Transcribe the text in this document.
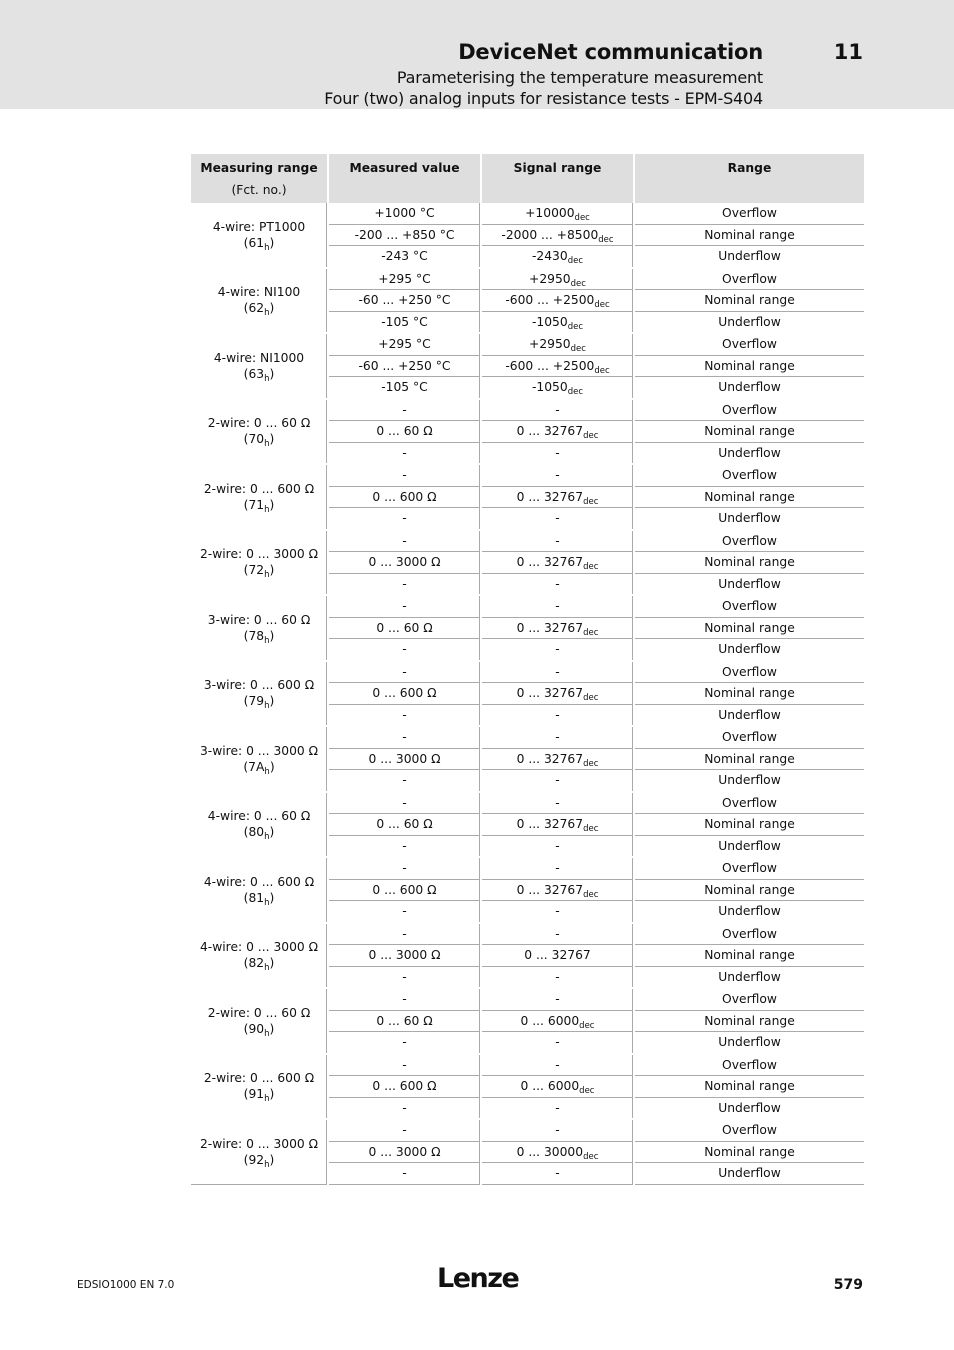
DeviceNet communication	11
Parameterising the temperature measurement
Four (two) analog inputs for resistance tests - EPM-S404
Measuring range
(Fct. no.)	Measured value	Signal range	Range

4-wire: PT1000
$(61_h)$	+1000 °C	$+10000_{dec}$	Overflow
	-200 ... +850 °C	-2000 ... $+8500_{dec}$	Nominal range
	-243 °C	$-2430_{dec}$	Underflow

4-wire: NI100
$(62_h)$	+295 °C	$+2950_{dec}$	Overflow
	-60 ... +250 °C	-600 ... $+2500_{dec}$	Nominal range
	-105 °C	$-1050_{dec}$	Underflow

4-wire: NI1000
$(63_h)$	+295 °C	$+2950_{dec}$	Overflow
	-60 ... +250 °C	-600 ... $+2500_{dec}$	Nominal range
	-105 °C	$-1050_{dec}$	Underflow

2-wire: 0 ... 60 Ω
$(70_h)$	-	-	Overflow
	0 ... 60 Ω	0 ... $32767_{dec}$	Nominal range
	-	-	Underflow

2-wire: 0 ... 600 Ω
$(71_h)$	-	-	Overflow
	0 ... 600 Ω	0 ... $32767_{dec}$	Nominal range
	-	-	Underflow

2-wire: 0 ... 3000 Ω
$(72_h)$	-	-	Overflow
	0 ... 3000 Ω	0 ... $32767_{dec}$	Nominal range
	-	-	Underflow

3-wire: 0 ... 60 Ω
$(78_h)$	-	-	Overflow
	0 ... 60 Ω	0 ... $32767_{dec}$	Nominal range
	-	-	Underflow

3-wire: 0 ... 600 Ω
$(79_h)$	-	-	Overflow
	0 ... 600 Ω	0 ... $32767_{dec}$	Nominal range
	-	-	Underflow

3-wire: 0 ... 3000 Ω
$(7A_h)$	-	-	Overflow
	0 ... 3000 Ω	0 ... $32767_{dec}$	Nominal range
	-	-	Underflow

4-wire: 0 ... 60 Ω
$(80_h)$	-	-	Overflow
	0 ... 60 Ω	0 ... $32767_{dec}$	Nominal range
	-	-	Underflow

4-wire: 0 ... 600 Ω
$(81_h)$	-	-	Overflow
	0 ... 600 Ω	0 ... $32767_{dec}$	Nominal range
	-	-	Underflow

4-wire: 0 ... 3000 Ω
$(82_h)$	-	-	Overflow
	0 ... 3000 Ω	0 ... 32767	Nominal range
	-	-	Underflow

2-wire: 0 ... 60 Ω
$(90_h)$	-	-	Overflow
	0 ... 60 Ω	0 ... $6000_{dec}$	Nominal range
	-	-	Underflow

2-wire: 0 ... 600 Ω
$(91_h)$	-	-	Overflow
	0 ... 600 Ω	0 ... $6000_{dec}$	Nominal range
	-	-	Underflow

2-wire: 0 ... 3000 Ω
$(92_h)$	-	-	Overflow
	0 ... 3000 Ω	0 ... $30000_{dec}$	Nominal range
	-	-	Underflow
EDSIO1000 EN 7.0	Lenze	579
